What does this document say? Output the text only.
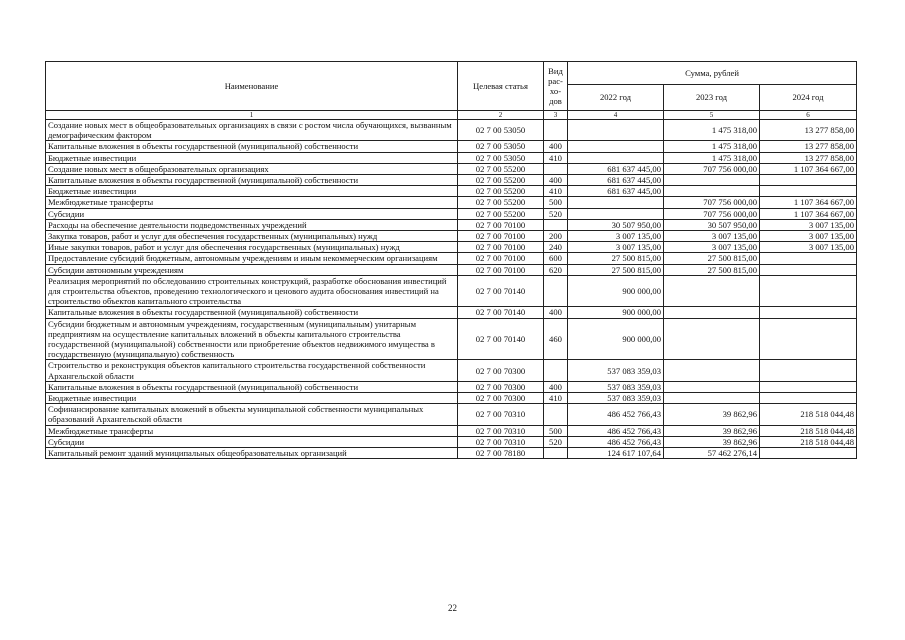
Наименование	Целевая статья	Вид рас-хо-дов	Сумма, рублей		
			2022 год	2023 год	2024 год
1	2	3	4	5	6
Создание новых мест в общеобразовательных организациях в связи с ростом числа обучающихся, вызванным демографическим фактором	02 7 00 53050			1 475 318,00	13 277 858,00
Капитальные вложения в объекты государственной (муниципальной) собственности	02 7 00 53050	400		1 475 318,00	13 277 858,00
Бюджетные инвестиции	02 7 00 53050	410		1 475 318,00	13 277 858,00
Создание новых мест в общеобразовательных организациях	02 7 00 55200		681 637 445,00	707 756 000,00	1 107 364 667,00
Капитальные вложения в объекты государственной (муниципальной) собственности	02 7 00 55200	400	681 637 445,00		
Бюджетные инвестиции	02 7 00 55200	410	681 637 445,00		
Межбюджетные трансферты	02 7 00 55200	500		707 756 000,00	1 107 364 667,00
Субсидии	02 7 00 55200	520		707 756 000,00	1 107 364 667,00
Расходы на обеспечение деятельности подведомственных учреждений	02 7 00 70100		30 507 950,00	30 507 950,00	3 007 135,00
Закупка товаров, работ и услуг для обеспечения государственных (муниципальных) нужд	02 7 00 70100	200	3 007 135,00	3 007 135,00	3 007 135,00
Иные закупки товаров, работ и услуг для обеспечения государственных (муниципальных) нужд	02 7 00 70100	240	3 007 135,00	3 007 135,00	3 007 135,00
Предоставление субсидий бюджетным, автономным учреждениям и иным некоммерческим организациям	02 7 00 70100	600	27 500 815,00	27 500 815,00	
Субсидии автономным учреждениям	02 7 00 70100	620	27 500 815,00	27 500 815,00	
Реализация мероприятий по обследованию строительных конструкций, разработке обоснования инвестиций для строительства объектов, проведению технологического и ценового аудита обоснования инвестиций на строительство объектов капитального строительства	02 7 00 70140		900 000,00		
Капитальные вложения в объекты государственной (муниципальной) собственности	02 7 00 70140	400	900 000,00		
Субсидии бюджетным и автономным учреждениям, государственным (муниципальным) унитарным предприятиям на осуществление капитальных вложений в объекты капитального строительства государственной (муниципальной) собственности или приобретение объектов недвижимого имущества в государственную (муниципальную) собственность	02 7 00 70140	460	900 000,00		
Строительство и реконструкция объектов капитального строительства государственной собственности Архангельской области	02 7 00 70300		537 083 359,03		
Капитальные вложения в объекты государственной (муниципальной) собственности	02 7 00 70300	400	537 083 359,03		
Бюджетные инвестиции	02 7 00 70300	410	537 083 359,03		
Софинансирование капитальных вложений в объекты муниципальной собственности муниципальных образований Архангельской области	02 7 00 70310		486 452 766,43	39 862,96	218 518 044,48
Межбюджетные трансферты	02 7 00 70310	500	486 452 766,43	39 862,96	218 518 044,48
Субсидии	02 7 00 70310	520	486 452 766,43	39 862,96	218 518 044,48
Капитальный ремонт зданий муниципальных общеобразовательных организаций	02 7 00 78180		124 617 107,64	57 462 276,14	
22
